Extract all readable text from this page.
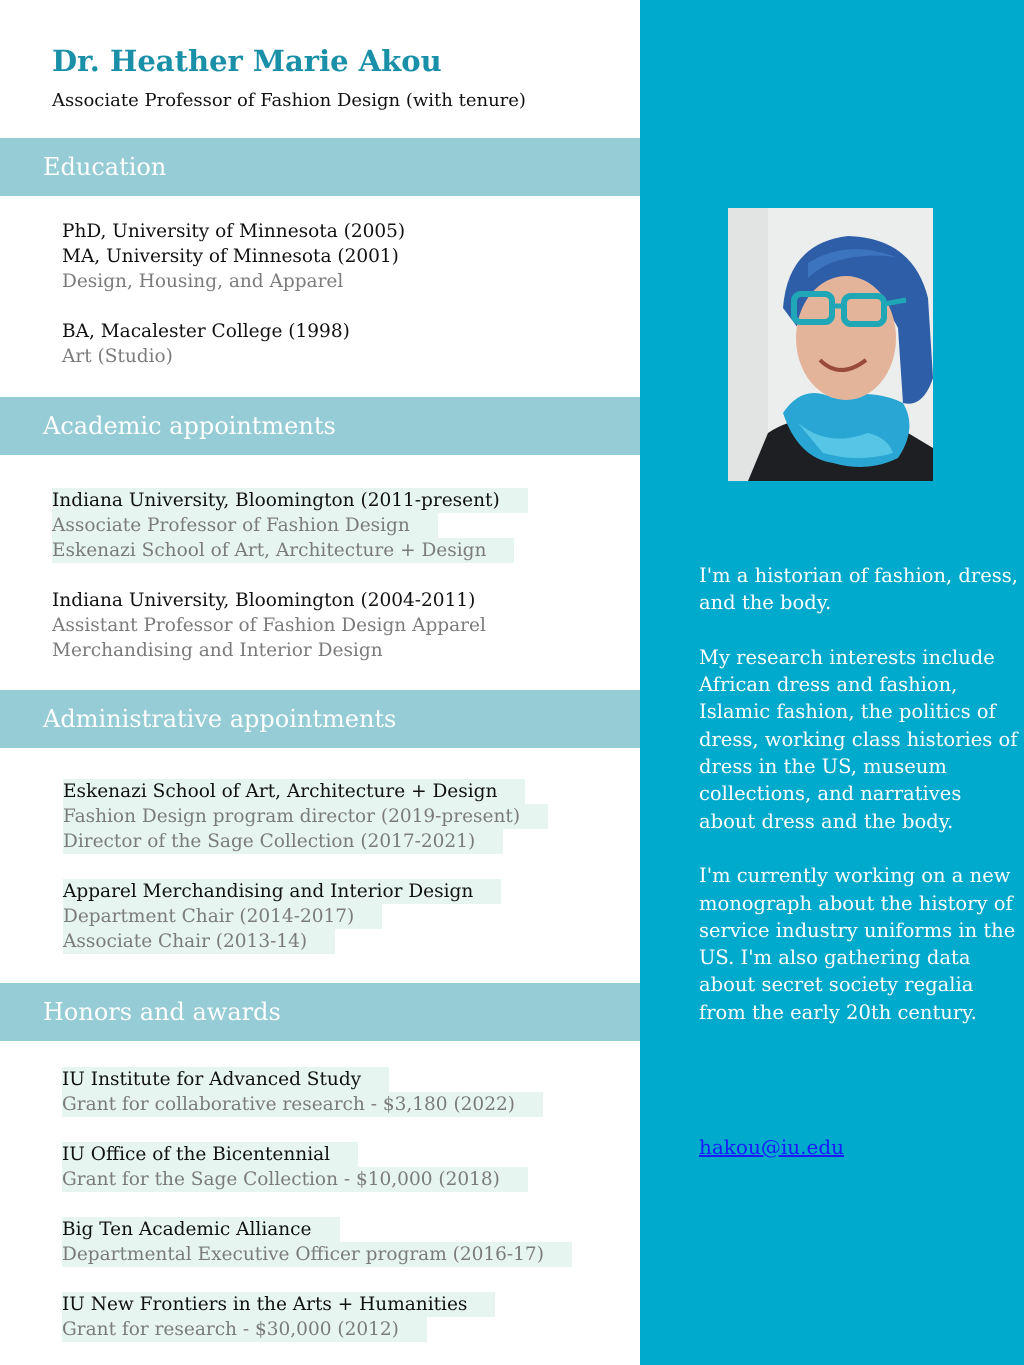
I'm a historian of fashion, dress, and the body.

My research interests include African dress and fashion, Islamic fashion, the politics of dress, working class histories of dress in the US, museum collections, and narratives about dress and the body.

I'm currently working on a new monograph about the history of service industry uniforms in the US. I'm also gathering data about secret society regalia from the early 20th century.

hakou@iu.edu
Dr. Heather Marie Akou
Associate Professor of Fashion Design (with tenure)
Education
PhD, University of Minnesota (2005)
MA, University of Minnesota (2001)
Design, Housing, and Apparel
BA, Macalester College (1998)
Art (Studio)
Academic appointments
Indiana University, Bloomington (2011-present)
Associate Professor of Fashion Design
Eskenazi School of Art, Architecture + Design
Indiana University, Bloomington (2004-2011)
Assistant Professor of Fashion Design Apparel
Merchandising and Interior Design
Administrative appointments
Eskenazi School of Art, Architecture + Design
Fashion Design program director (2019-present)
Director of the Sage Collection (2017-2021)
Apparel Merchandising and Interior Design
Department Chair (2014-2017)
Associate Chair (2013-14)
Honors and awards
IU Institute for Advanced Study
Grant for collaborative research - $3,180 (2022)
IU Office of the Bicentennial
Grant for the Sage Collection - $10,000 (2018)
Big Ten Academic Alliance
Departmental Executive Officer program (2016-17)
IU New Frontiers in the Arts + Humanities
Grant for research - $30,000 (2012)
